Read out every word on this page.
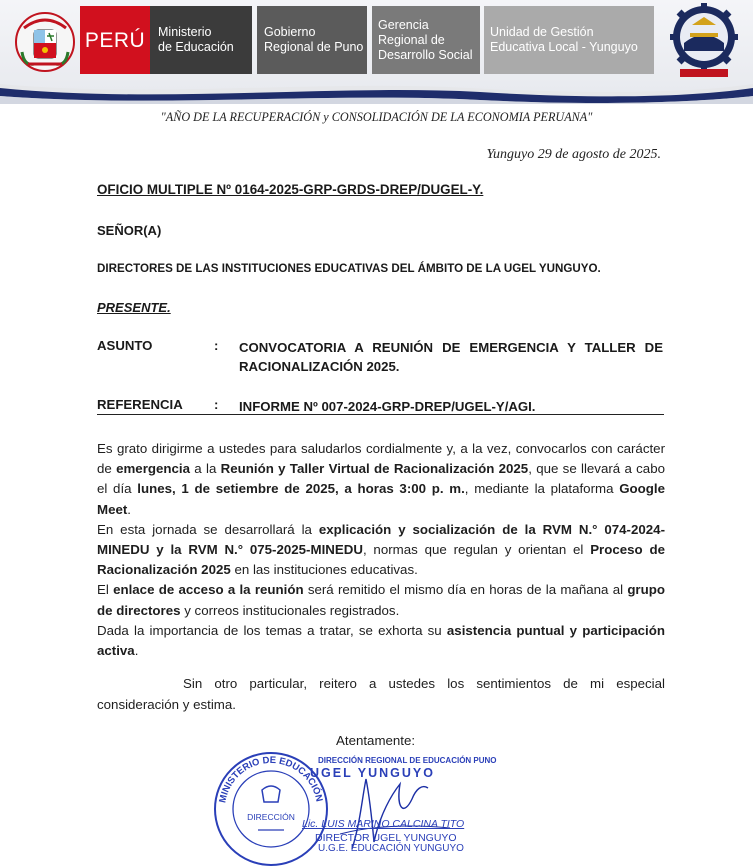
PERÚ Ministerio
de Educación
Gobierno
Regional de Puno
Gerencia
Regional de
Desarrollo Social
Unidad de Gestión
Educativa Local - Yunguyo
"AÑO DE LA RECUPERACIÓN y CONSOLIDACIÓN DE LA ECONOMIA PERUANA"
Yunguyo 29 de agosto de 2025.
OFICIO MULTIPLE Nº 0164-2025-GRP-GRDS-DREP/DUGEL-Y.
SEÑOR(A)
DIRECTORES DE LAS INSTITUCIONES EDUCATIVAS DEL ÁMBITO DE LA UGEL YUNGUYO.
PRESENTE.
ASUNTO	: CONVOCATORIA A REUNIÓN DE EMERGENCIA Y TALLER DE RACIONALIZACIÓN 2025.
REFERENCIA : INFORME Nº 007-2024-GRP-DREP/UGEL-Y/AGI.

Es grato dirigirme a ustedes para saludarlos cordialmente y, a la vez, convocarlos con carácter de emergencia a la Reunión y Taller Virtual de Racionalización 2025, que se llevará a cabo el día lunes, 1 de setiembre de 2025, a horas 3:00 p. m., mediante la plataforma Google Meet.

En esta jornada se desarrollará la explicación y socialización de la RVM N.° 074-2024-MINEDU y la RVM N.° 075-2025-MINEDU, normas que regulan y orientan el Proceso de Racionalización 2025 en las instituciones educativas.

El enlace de acceso a la reunión será remitido el mismo día en horas de la mañana al grupo de directores y correos institucionales registrados.

Dada la importancia de los temas a tratar, se exhorta su asistencia puntual y participación activa.

Sin otro particular, reitero a ustedes los sentimientos de mi especial consideración y estima.
Atentamente:
MINISTERIO DE EDUCACIÓN
DIRECCIÓN
DIRECCIÓN REGIONAL DE EDUCACIÓN PUNO
UGEL YUNGUYO
Lic. LUIS MARINO CALCINA TITO
DIRECTOR UGEL YUNGUYO
U.G.E. EDUCACIÓN YUNGUYO
